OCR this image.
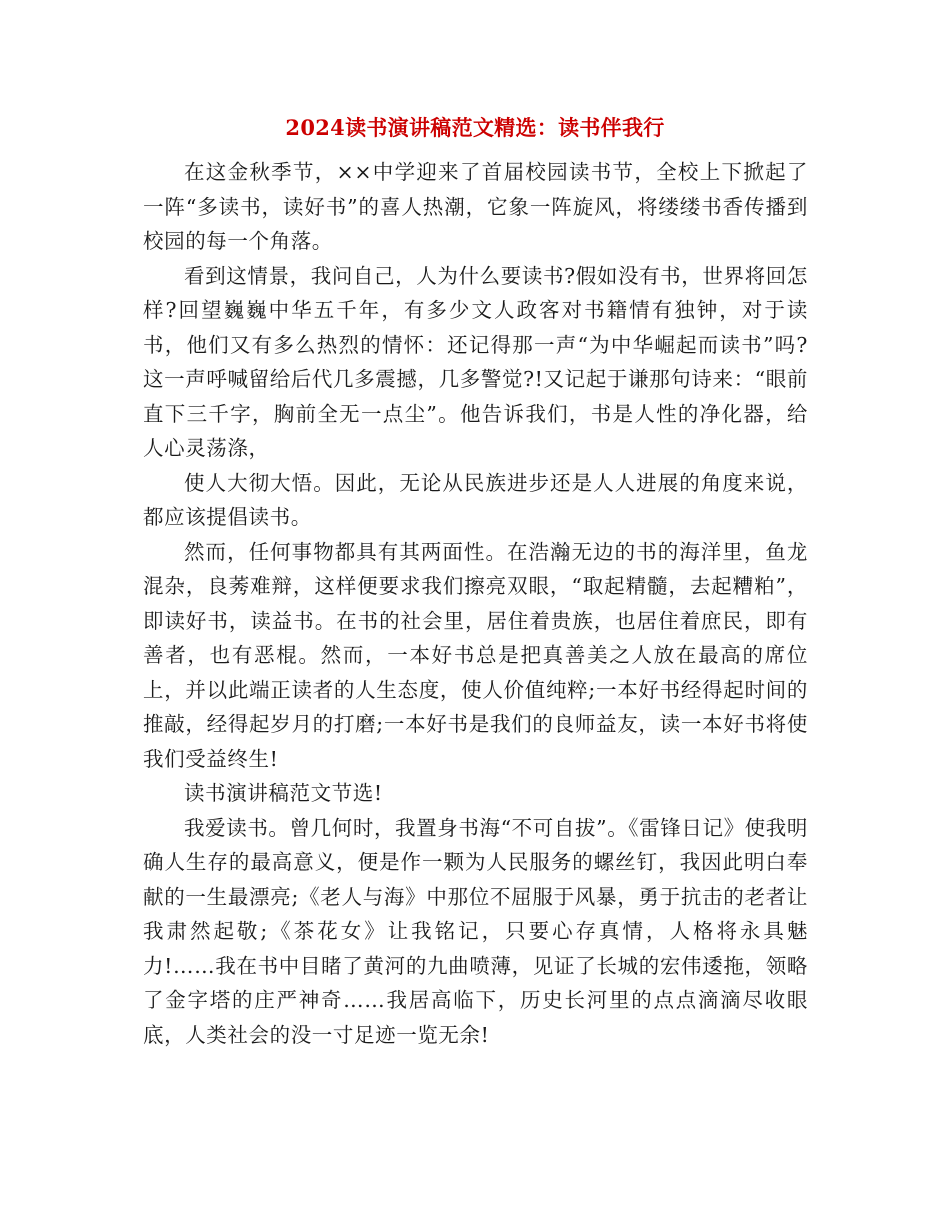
2024读书演讲稿范文精选：读书伴我行

在这金秋季节，××中学迎来了首届校园读书节，全校上下掀起了一阵“多读书，读好书”的喜人热潮，它象一阵旋风，将缕缕书香传播到校园的每一个角落。

看到这情景，我问自己，人为什么要读书?假如没有书，世界将回怎样?回望巍巍中华五千年，有多少文人政客对书籍情有独钟，对于读书，他们又有多么热烈的情怀：还记得那一声“为中华崛起而读书”吗?这一声呼喊留给后代几多震撼，几多警觉?!又记起于谦那句诗来：“眼前直下三千字，胸前全无一点尘”。他告诉我们，书是人性的净化器，给人心灵荡涤，

使人大彻大悟。因此，无论从民族进步还是人人进展的角度来说，都应该提倡读书。

然而，任何事物都具有其两面性。在浩瀚无边的书的海洋里，鱼龙混杂，良莠难辩，这样便要求我们擦亮双眼，“取起精髓，去起糟粕”，即读好书，读益书。在书的社会里，居住着贵族，也居住着庶民，即有善者，也有恶棍。然而，一本好书总是把真善美之人放在最高的席位上，并以此端正读者的人生态度，使人价值纯粹;一本好书经得起时间的推敲，经得起岁月的打磨;一本好书是我们的良师益友，读一本好书将使我们受益终生!

读书演讲稿范文节选!

我爱读书。曾几何时，我置身书海“不可自拔”。《雷锋日记》使我明确人生存的最高意义，便是作一颗为人民服务的螺丝钉，我因此明白奉献的一生最漂亮;《老人与海》中那位不屈服于风暴，勇于抗击的老者让我肃然起敬;《茶花女》让我铭记，只要心存真情，人格将永具魅力!……我在书中目睹了黄河的九曲喷薄，见证了长城的宏伟逶拖，领略了金字塔的庄严神奇……我居高临下，历史长河里的点点滴滴尽收眼底，人类社会的没一寸足迹一览无余!
